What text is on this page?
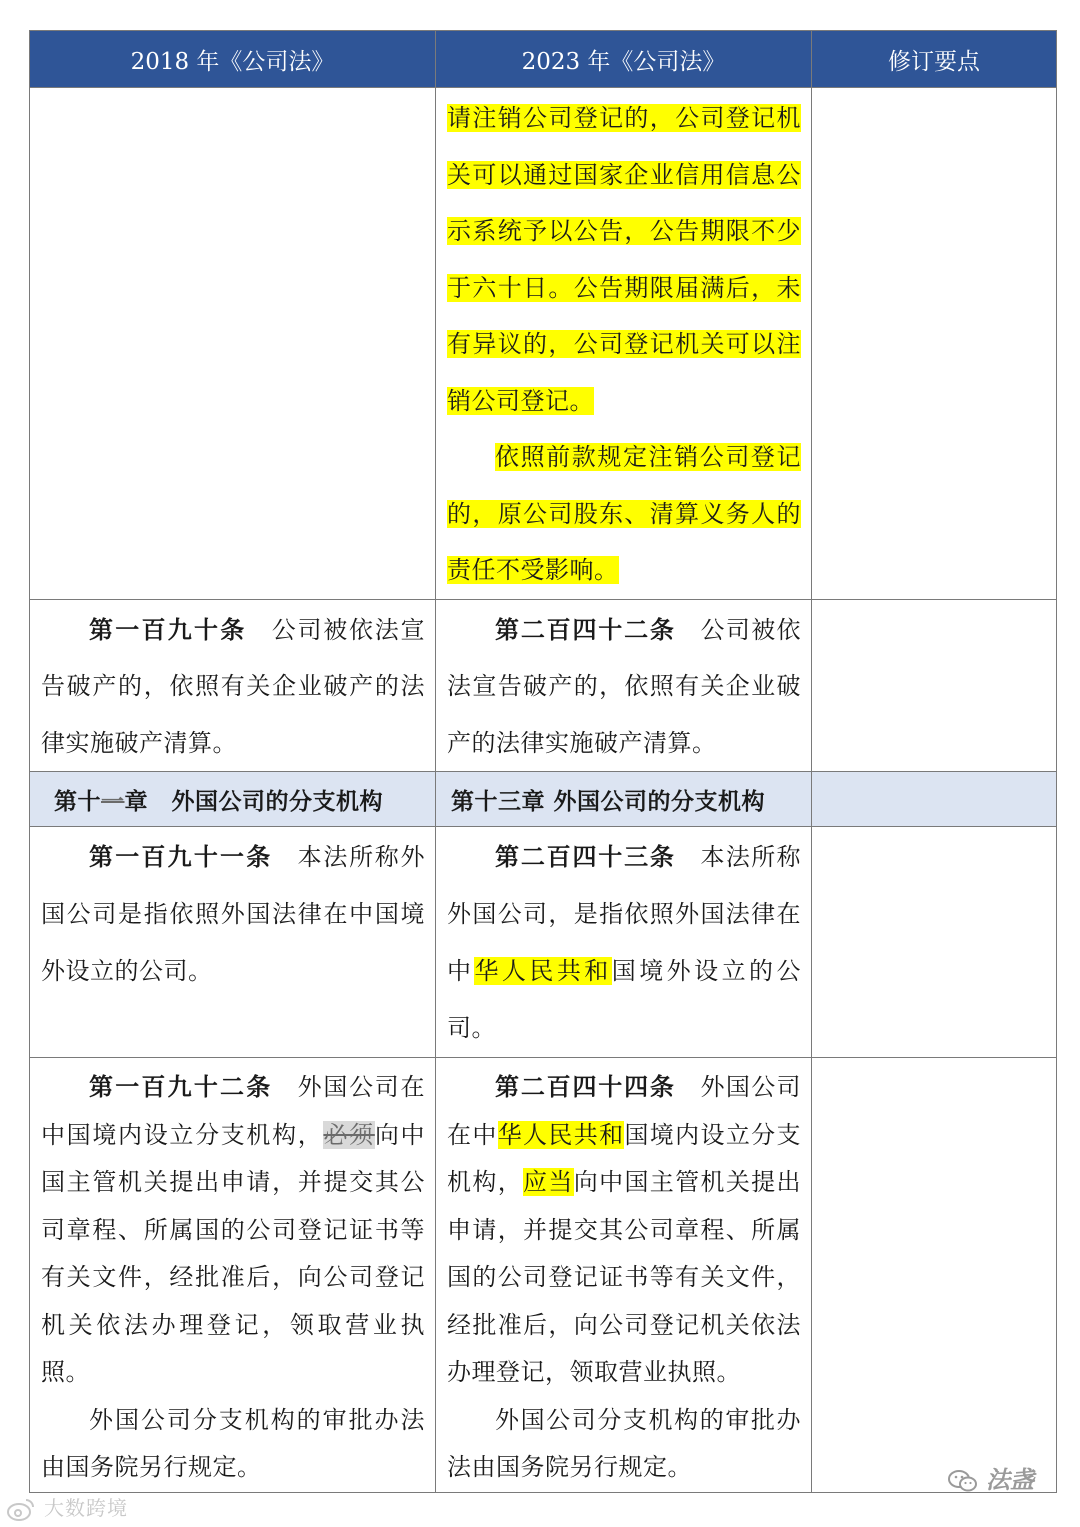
2018 年《公司法》	2023 年《公司法》	修订要点

	请注销公司登记的，公司登记机关可以通过国家企业信用信息公示系统予以公告，公告期限不少于六十日。公告期限届满后，未有异议的，公司登记机关可以注销公司登记。
依照前款规定注销公司登记的，原公司股东、清算义务人的责任不受影响。	

第一百九十条 公司被依法宣告破产的，依照有关企业破产的法律实施破产清算。	第二百四十二条 公司被依法宣告破产的，依照有关企业破产的法律实施破产清算。	

第十一章　外国公司的分支机构	第十三章 外国公司的分支机构	

第一百九十一条 本法所称外国公司是指依照外国法律在中国境外设立的公司。	第二百四十三条 本法所称外国公司，是指依照外国法律在中华人民共和国境外设立的公司。	

第一百九十二条 外国公司在中国境内设立分支机构，必须向中国主管机关提出申请，并提交其公司章程、所属国的公司登记证书等有关文件，经批准后，向公司登记机关依法办理登记，领取营业执照。
外国公司分支机构的审批办法由国务院另行规定。	第二百四十四条 外国公司在中华人民共和国境内设立分支机构，应当向中国主管机关提出申请，并提交其公司章程、所属国的公司登记证书等有关文件，经批准后，向公司登记机关依法办理登记，领取营业执照。
外国公司分支机构的审批办法由国务院另行规定。	

大数跨境
法盏
